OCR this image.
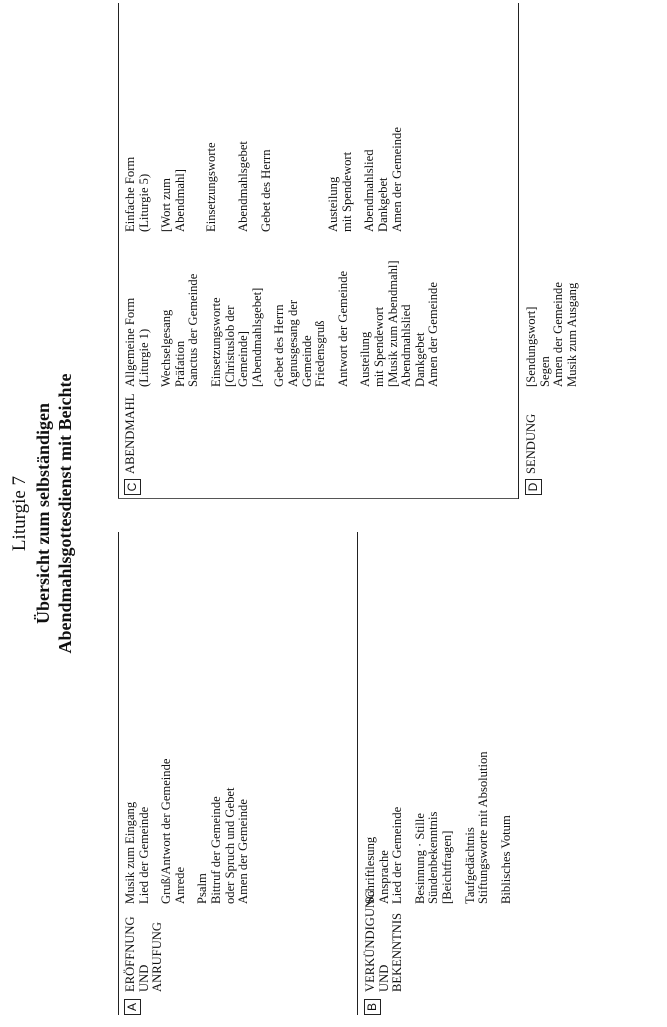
Liturgie 7 Übersicht zum selbständigen Abendmahlsgottesdienst mit Beichte
A
ERÖFFNUNG UND ANRUFUNG
Musik zum Eingang Lied der Gemeinde Gruß/Antwort der Gemeinde Anrede Psalm Bittruf der Gemeinde oder Spruch und Gebet Amen der Gemeinde
B
VERKÜNDIGUNG UND BEKENNTNIS
Schriftlesung Ansprache Lied der Gemeinde Besinnung · Stille Sündenbekenntnis [Beichtfragen] Taufgedächtnis Stiftungsworte mit Absolution Biblisches Votum
C
ABENDMAHL
Allgemeine Form (Liturgie 1) Wechselgesang Präfation Sanctus der Gemeinde Einsetzungsworte [Christuslob der Gemeinde] [Abendmahlsgebet] Gebet des Herrn Agnusgesang der Gemeinde Friedensgruß Antwort der Gemeinde Austeilung mit Spendewort [Musik zum Abendmahl] Abendmahlslied Dankgebet Amen der Gemeinde
Einfache Form (Liturgie 5) [Wort zum Abendmahl] Einsetzungsworte Abendmahlsgebet Gebet des Herrn	Austeilung mit Spendewort Abendmahlslied Dankgebet Amen der Gemeinde
D
SENDUNG
[Sendungswort] Segen Amen der Gemeinde Musik zum Ausgang
